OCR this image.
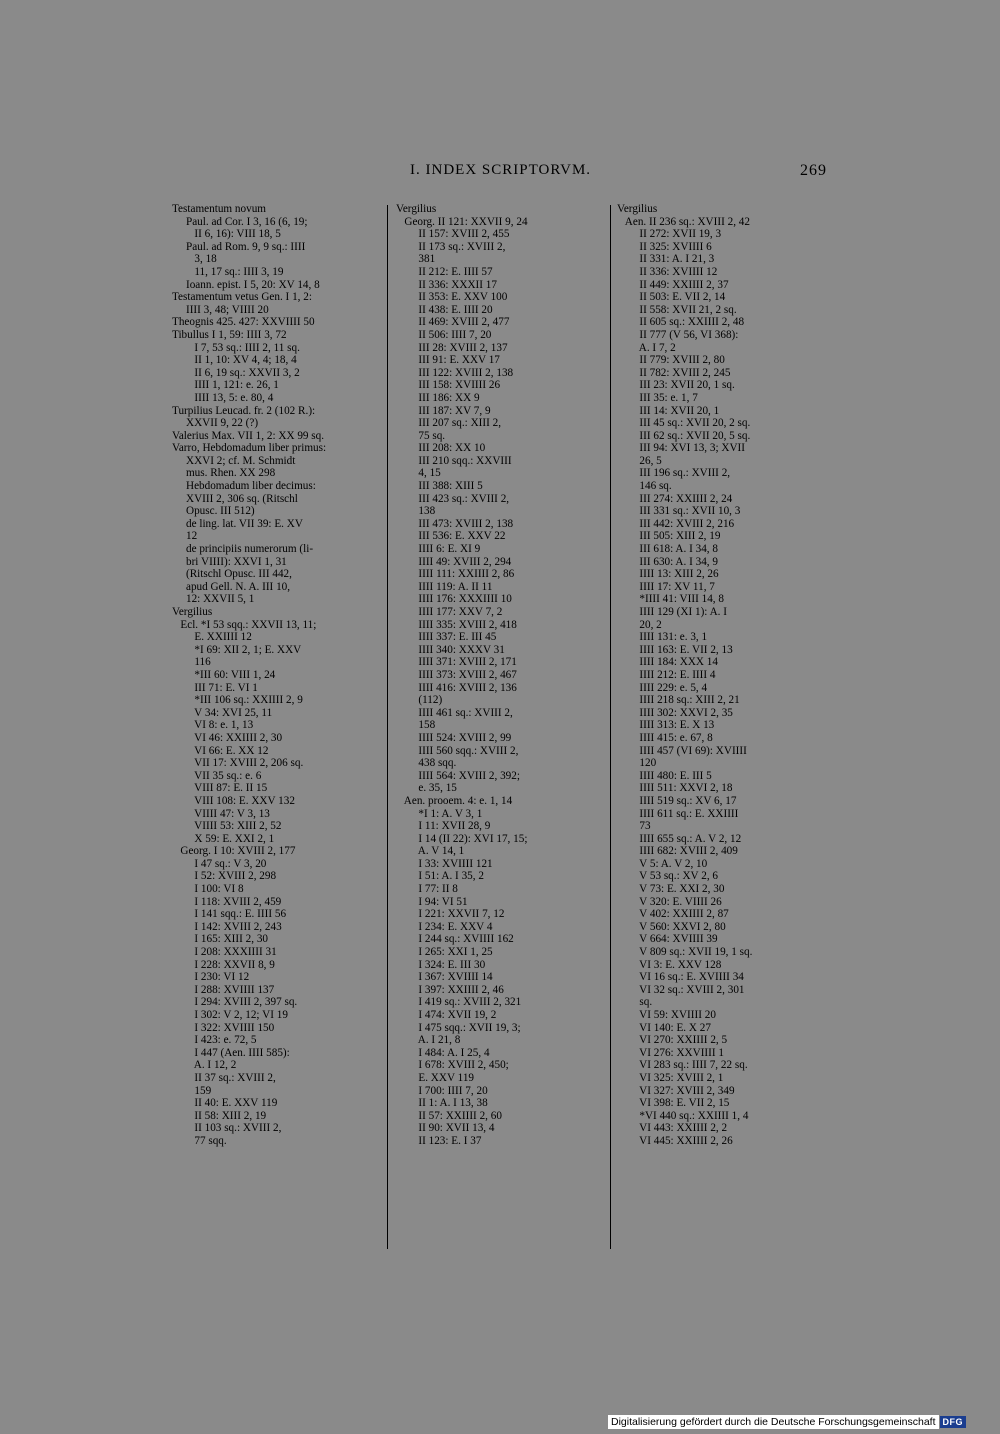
I. INDEX SCRIPTORVM.	269
Testamentum novum
Paul. ad Cor. I 3, 16 (6, 19;
II 6, 16): VIII 18, 5
Paul. ad Rom. 9, 9 sq.: IIII
3, 18
11, 17 sq.: IIII 3, 19
Ioann. epist. I 5, 20: XV 14, 8
Testamentum vetus Gen. I 1, 2:
IIII 3, 48; VIIII 20
Theognis 425. 427: XXVIIII 50
Tibullus I 1, 59: IIII 3, 72
I 7, 53 sq.: IIII 2, 11 sq.
II 1, 10: XV 4, 4; 18, 4
II 6, 19 sq.: XXVII 3, 2
IIII 1, 121: e. 26, 1
IIII 13, 5: e. 80, 4
Turpilius Leucad. fr. 2 (102 R.):
XXVII 9, 22 (?)
Valerius Max. VII 1, 2: XX 99 sq.
Varro, Hebdomadum liber primus:
XXVI 2; cf. M. Schmidt
mus. Rhen. XX 298
Hebdomadum liber decimus:
XVIII 2, 306 sq. (Ritschl
Opusc. III 512)
de ling. lat. VII 39: E. XV
12
de principiis numerorum (li-
bri VIIII): XXVI 1, 31
(Ritschl Opusc. III 442,
apud Gell. N. A. III 10,
12: XXVII 5, 1
Vergilius
Ecl. *I 53 sqq.: XXVII 13, 11;
E. XXIIII 12
*I 69: XII 2, 1; E. XXV
116
*III 60: VIII 1, 24
III 71: E. VI 1
*III 106 sq.: XXIIII 2, 9
V 34: XVI 25, 11
VI 8: e. 1, 13
VI 46: XXIIII 2, 30
VI 66: E. XX 12
VII 17: XVIII 2, 206 sq.
VII 35 sq.: e. 6
VIII 87: E. II 15
VIII 108: E. XXV 132
VIIII 47: V 3, 13
VIIII 53: XIII 2, 52
X 59: E. XXI 2, 1
Georg. I 10: XVIII 2, 177
I 47 sq.: V 3, 20
I 52: XVIII 2, 298
I 100: VI 8
I 118: XVIII 2, 459
I 141 sqq.: E. IIII 56
I 142: XVIII 2, 243
I 165: XIII 2, 30
I 208: XXXIIII 31
I 228: XXVII 8, 9
I 230: VI 12
I 288: XVIIII 137
I 294: XVIII 2, 397 sq.
I 302: V 2, 12; VI 19
I 322: XVIIII 150
I 423: e. 72, 5
I 447 (Aen. IIII 585):
A. I 12, 2
II 37 sq.: XVIII 2,
159
II 40: E. XXV 119
II 58: XIII 2, 19
II 103 sq.: XVIII 2,
77 sqq.
Vergilius
Georg. II 121: XXVII 9, 24
II 157: XVIII 2, 455
II 173 sq.: XVIII 2,
381
II 212: E. IIII 57
II 336: XXXII 17
II 353: E. XXV 100
II 438: E. IIII 20
II 469: XVIII 2, 477
II 506: IIII 7, 20
III 28: XVIII 2, 137
III 91: E. XXV 17
III 122: XVIII 2, 138
III 158: XVIIII 26
III 186: XX 9
III 187: XV 7, 9
III 207 sq.: XIII 2,
75 sq.
III 208: XX 10
III 210 sqq.: XXVIII
4, 15
III 388: XIII 5
III 423 sq.: XVIII 2,
138
III 473: XVIII 2, 138
III 536: E. XXV 22
IIII 6: E. XI 9
IIII 49: XVIII 2, 294
IIII 111: XXIIII 2, 86
IIII 119: A. II 11
IIII 176: XXXIIII 10
IIII 177: XXV 7, 2
IIII 335: XVIII 2, 418
IIII 337: E. III 45
IIII 340: XXXV 31
IIII 371: XVIII 2, 171
IIII 373: XVIII 2, 467
IIII 416: XVIII 2, 136
(112)
IIII 461 sq.: XVIII 2,
158
IIII 524: XVIII 2, 99
IIII 560 sqq.: XVIII 2,
438 sqq.
IIII 564: XVIII 2, 392;
e. 35, 15
Aen. prooem. 4: e. 1, 14
*I 1: A. V 3, 1
I 11: XVII 28, 9
I 14 (II 22): XVI 17, 15;
A. V 14, 1
I 33: XVIIII 121
I 51: A. I 35, 2
I 77: II 8
I 94: VI 51
I 221: XXVII 7, 12
I 234: E. XXV 4
I 244 sq.: XVIIII 162
I 265: XXI 1, 25
I 324: E. III 30
I 367: XVIIII 14
I 397: XXIIII 2, 46
I 419 sq.: XVIII 2, 321
I 474: XVII 19, 2
I 475 sqq.: XVII 19, 3;
A. I 21, 8
I 484: A. I 25, 4
I 678: XVIII 2, 450;
E. XXV 119
I 700: IIII 7, 20
II 1: A. I 13, 38
II 57: XXIIII 2, 60
II 90: XVII 13, 4
II 123: E. I 37
Vergilius
Aen. II 236 sq.: XVIII 2, 42
II 272: XVII 19, 3
II 325: XVIIII 6
II 331: A. I 21, 3
II 336: XVIIII 12
II 449: XXIIII 2, 37
II 503: E. VII 2, 14
II 558: XVII 21, 2 sq.
II 605 sq.: XXIIII 2, 48
II 777 (V 56, VI 368):
A. I 7, 2
II 779: XVIII 2, 80
II 782: XVIII 2, 245
III 23: XVII 20, 1 sq.
III 35: e. 1, 7
III 14: XVII 20, 1
III 45 sq.: XVII 20, 2 sq.
III 62 sq.: XVII 20, 5 sq.
III 94: XVI 13, 3; XVII
26, 5
III 196 sq.: XVIII 2,
146 sq.
III 274: XXIIII 2, 24
III 331 sq.: XVII 10, 3
III 442: XVIII 2, 216
III 505: XIII 2, 19
III 618: A. I 34, 8
III 630: A. I 34, 9
IIII 13: XIII 2, 26
IIII 17: XV 11, 7
*IIII 41: VIII 14, 8
IIII 129 (XI 1): A. I
20, 2
IIII 131: e. 3, 1
IIII 163: E. VII 2, 13
IIII 184: XXX 14
IIII 212: E. IIII 4
IIII 229: e. 5, 4
IIII 218 sq.: XIII 2, 21
IIII 302: XXVI 2, 35
IIII 313: E. X 13
IIII 415: e. 67, 8
IIII 457 (VI 69): XVIIII
120
IIII 480: E. III 5
IIII 511: XXVI 2, 18
IIII 519 sq.: XV 6, 17
IIII 611 sq.: E. XXIIII
73
IIII 655 sq.: A. V 2, 12
IIII 682: XVIII 2, 409
V 5: A. V 2, 10
V 53 sq.: XV 2, 6
V 73: E. XXI 2, 30
V 320: E. VIIII 26
V 402: XXIIII 2, 87
V 560: XXVI 2, 80
V 664: XVIIII 39
V 809 sq.: XVII 19, 1 sq.
VI 3: E. XXV 128
VI 16 sq.: E. XVIIII 34
VI 32 sq.: XVIII 2, 301
sq.
VI 59: XVIIII 20
VI 140: E. X 27
VI 270: XXIIII 2, 5
VI 276: XXVIIII 1
VI 283 sq.: IIII 7, 22 sq.
VI 325: XVIII 2, 1
VI 327: XVIII 2, 349
VI 398: E. VII 2, 15
*VI 440 sq.: XXIIII 1, 4
VI 443: XXIIII 2, 2
VI 445: XXIIII 2, 26
Digitalisierung gefördert durch die Deutsche Forschungsgemeinschaft DFG
